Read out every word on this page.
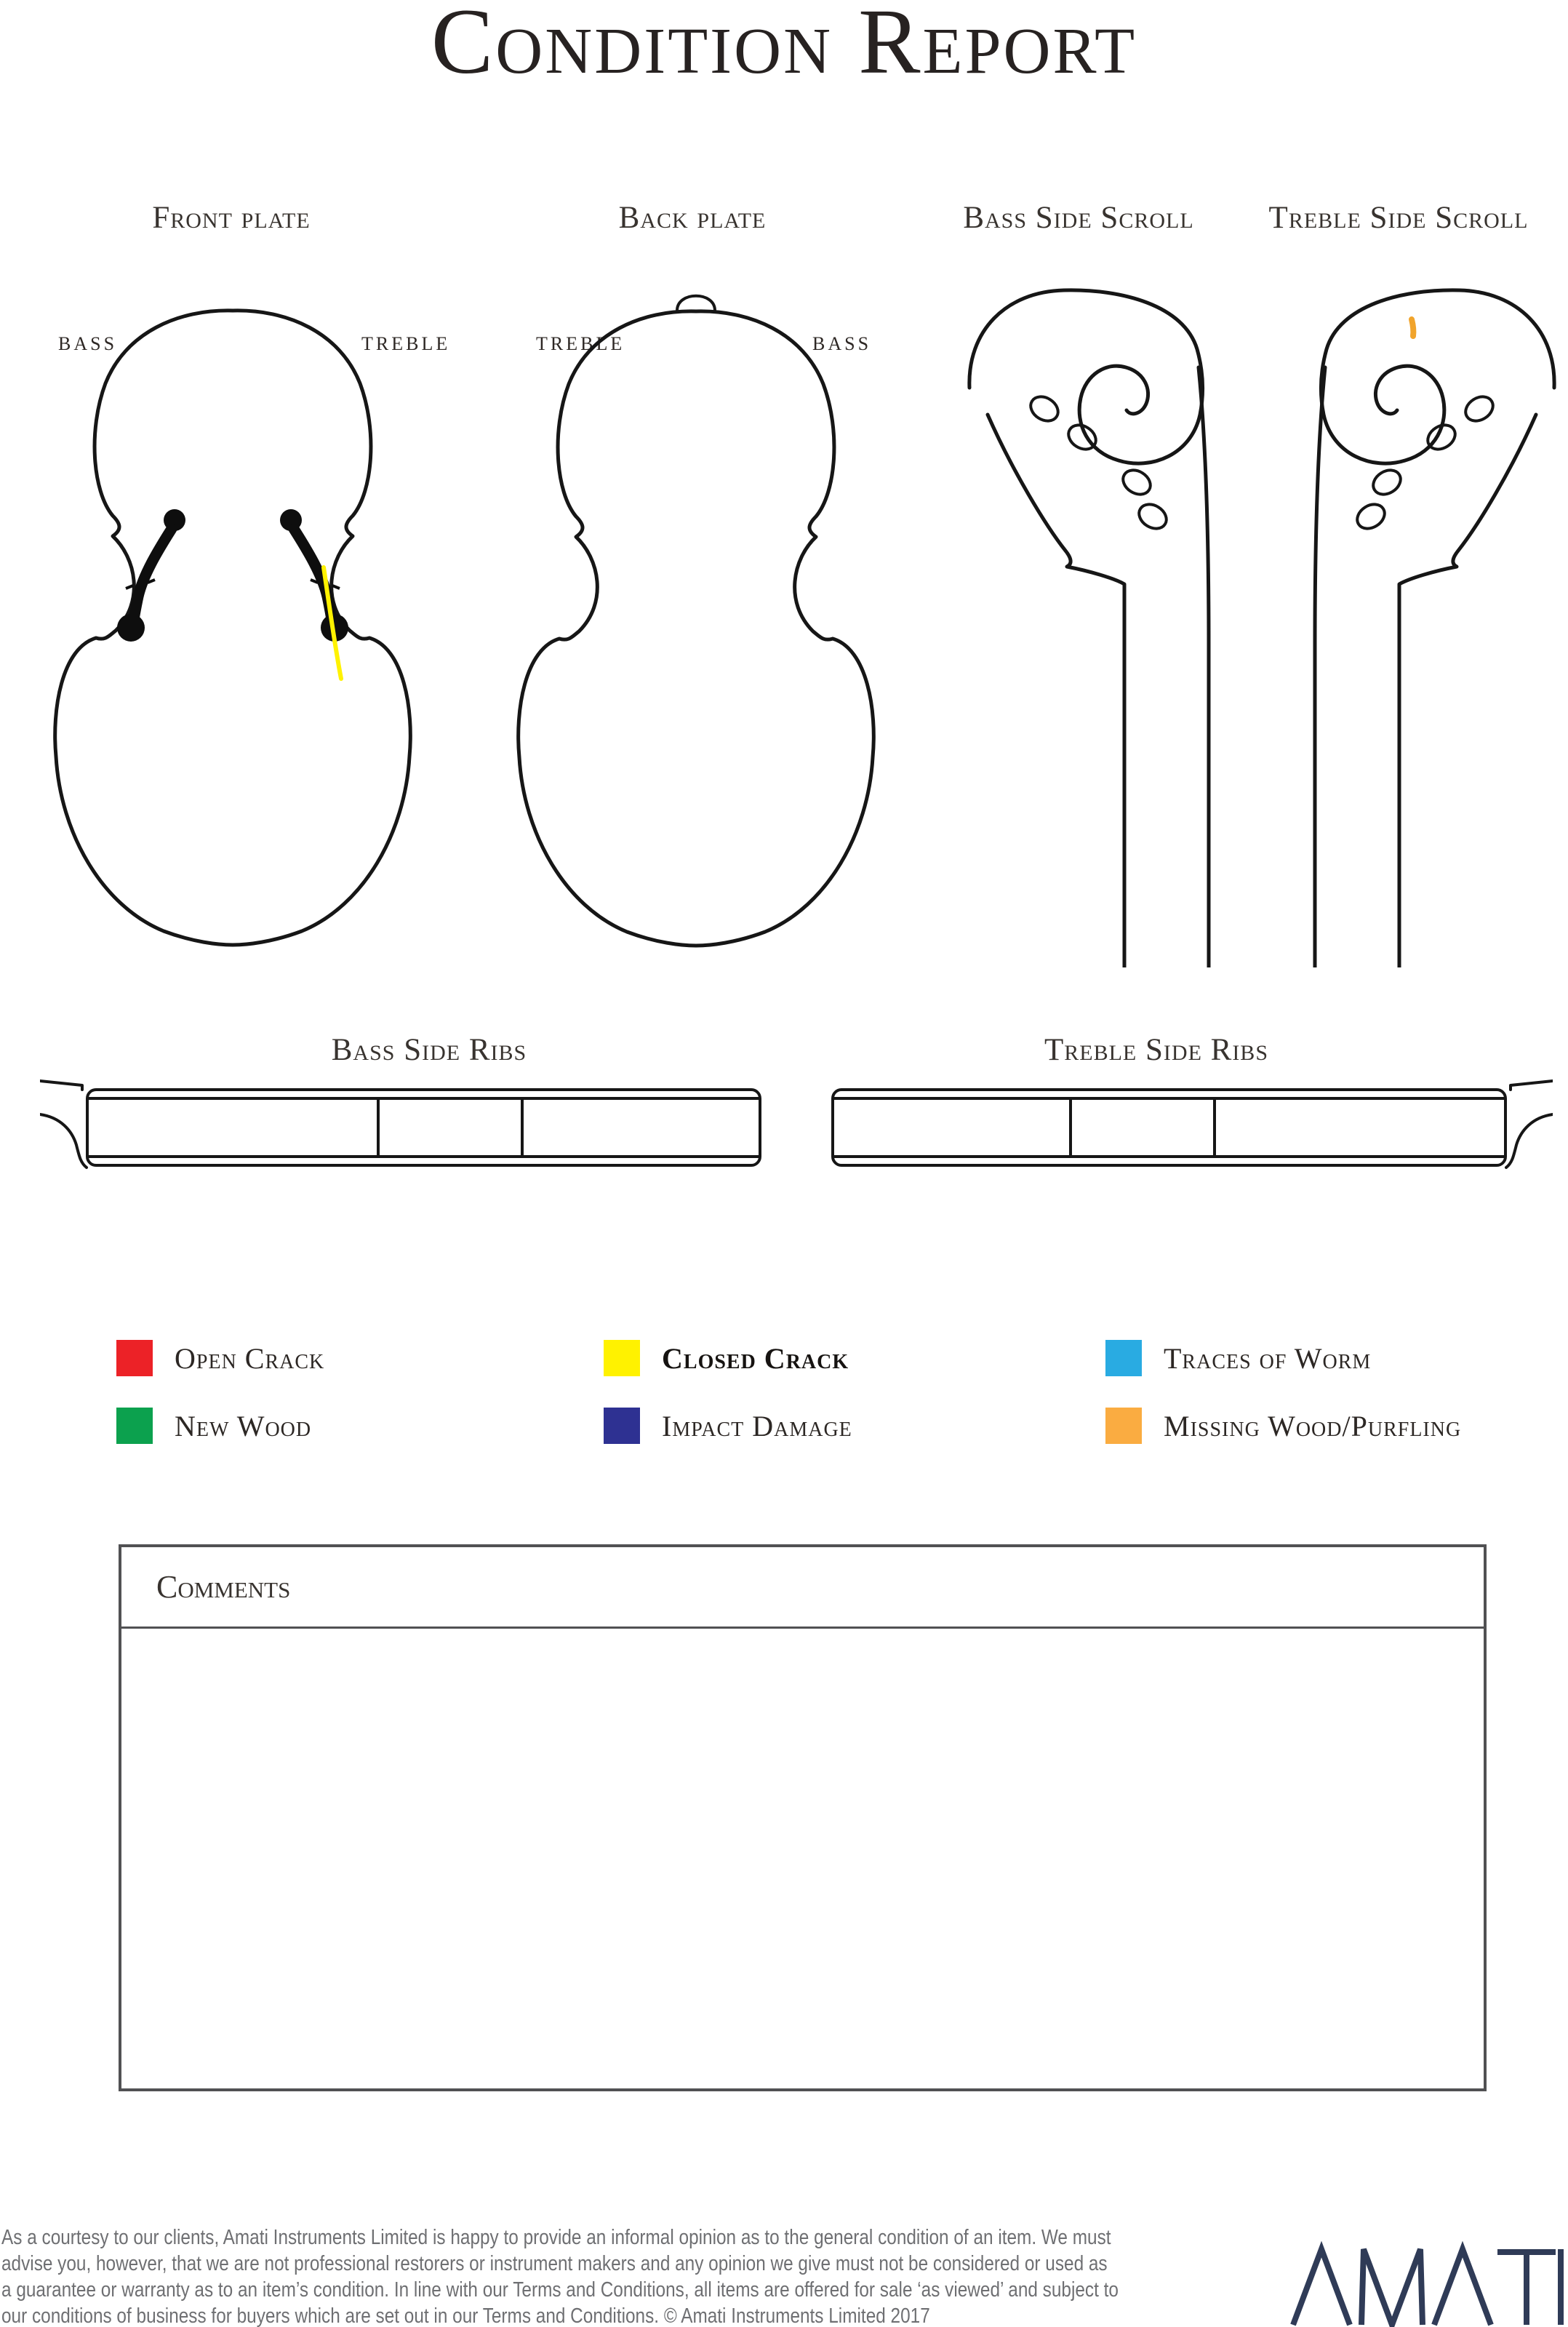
Condition Report
Front plate	Back plate	Bass Side Scroll	Treble Side Scroll
BASS	TREBLE	TREBLE	BASS
Bass Side Ribs	Treble Side Ribs
Open Crack	Closed Crack	Traces of Worm
New Wood	Impact Damage	Missing Wood/Purfling
Comments
As a courtesy to our clients, Amati Instruments Limited is happy to provide an informal opinion as to the general condition of an item. We must
advise you, however, that we are not professional restorers or instrument makers and any opinion we give must not be considered or used as
a guarantee or warranty as to an item’s condition. In line with our Terms and Conditions, all items are offered for sale ‘as viewed’ and subject to
our conditions of business for buyers which are set out in our Terms and Conditions. © Amati Instruments Limited 2017
